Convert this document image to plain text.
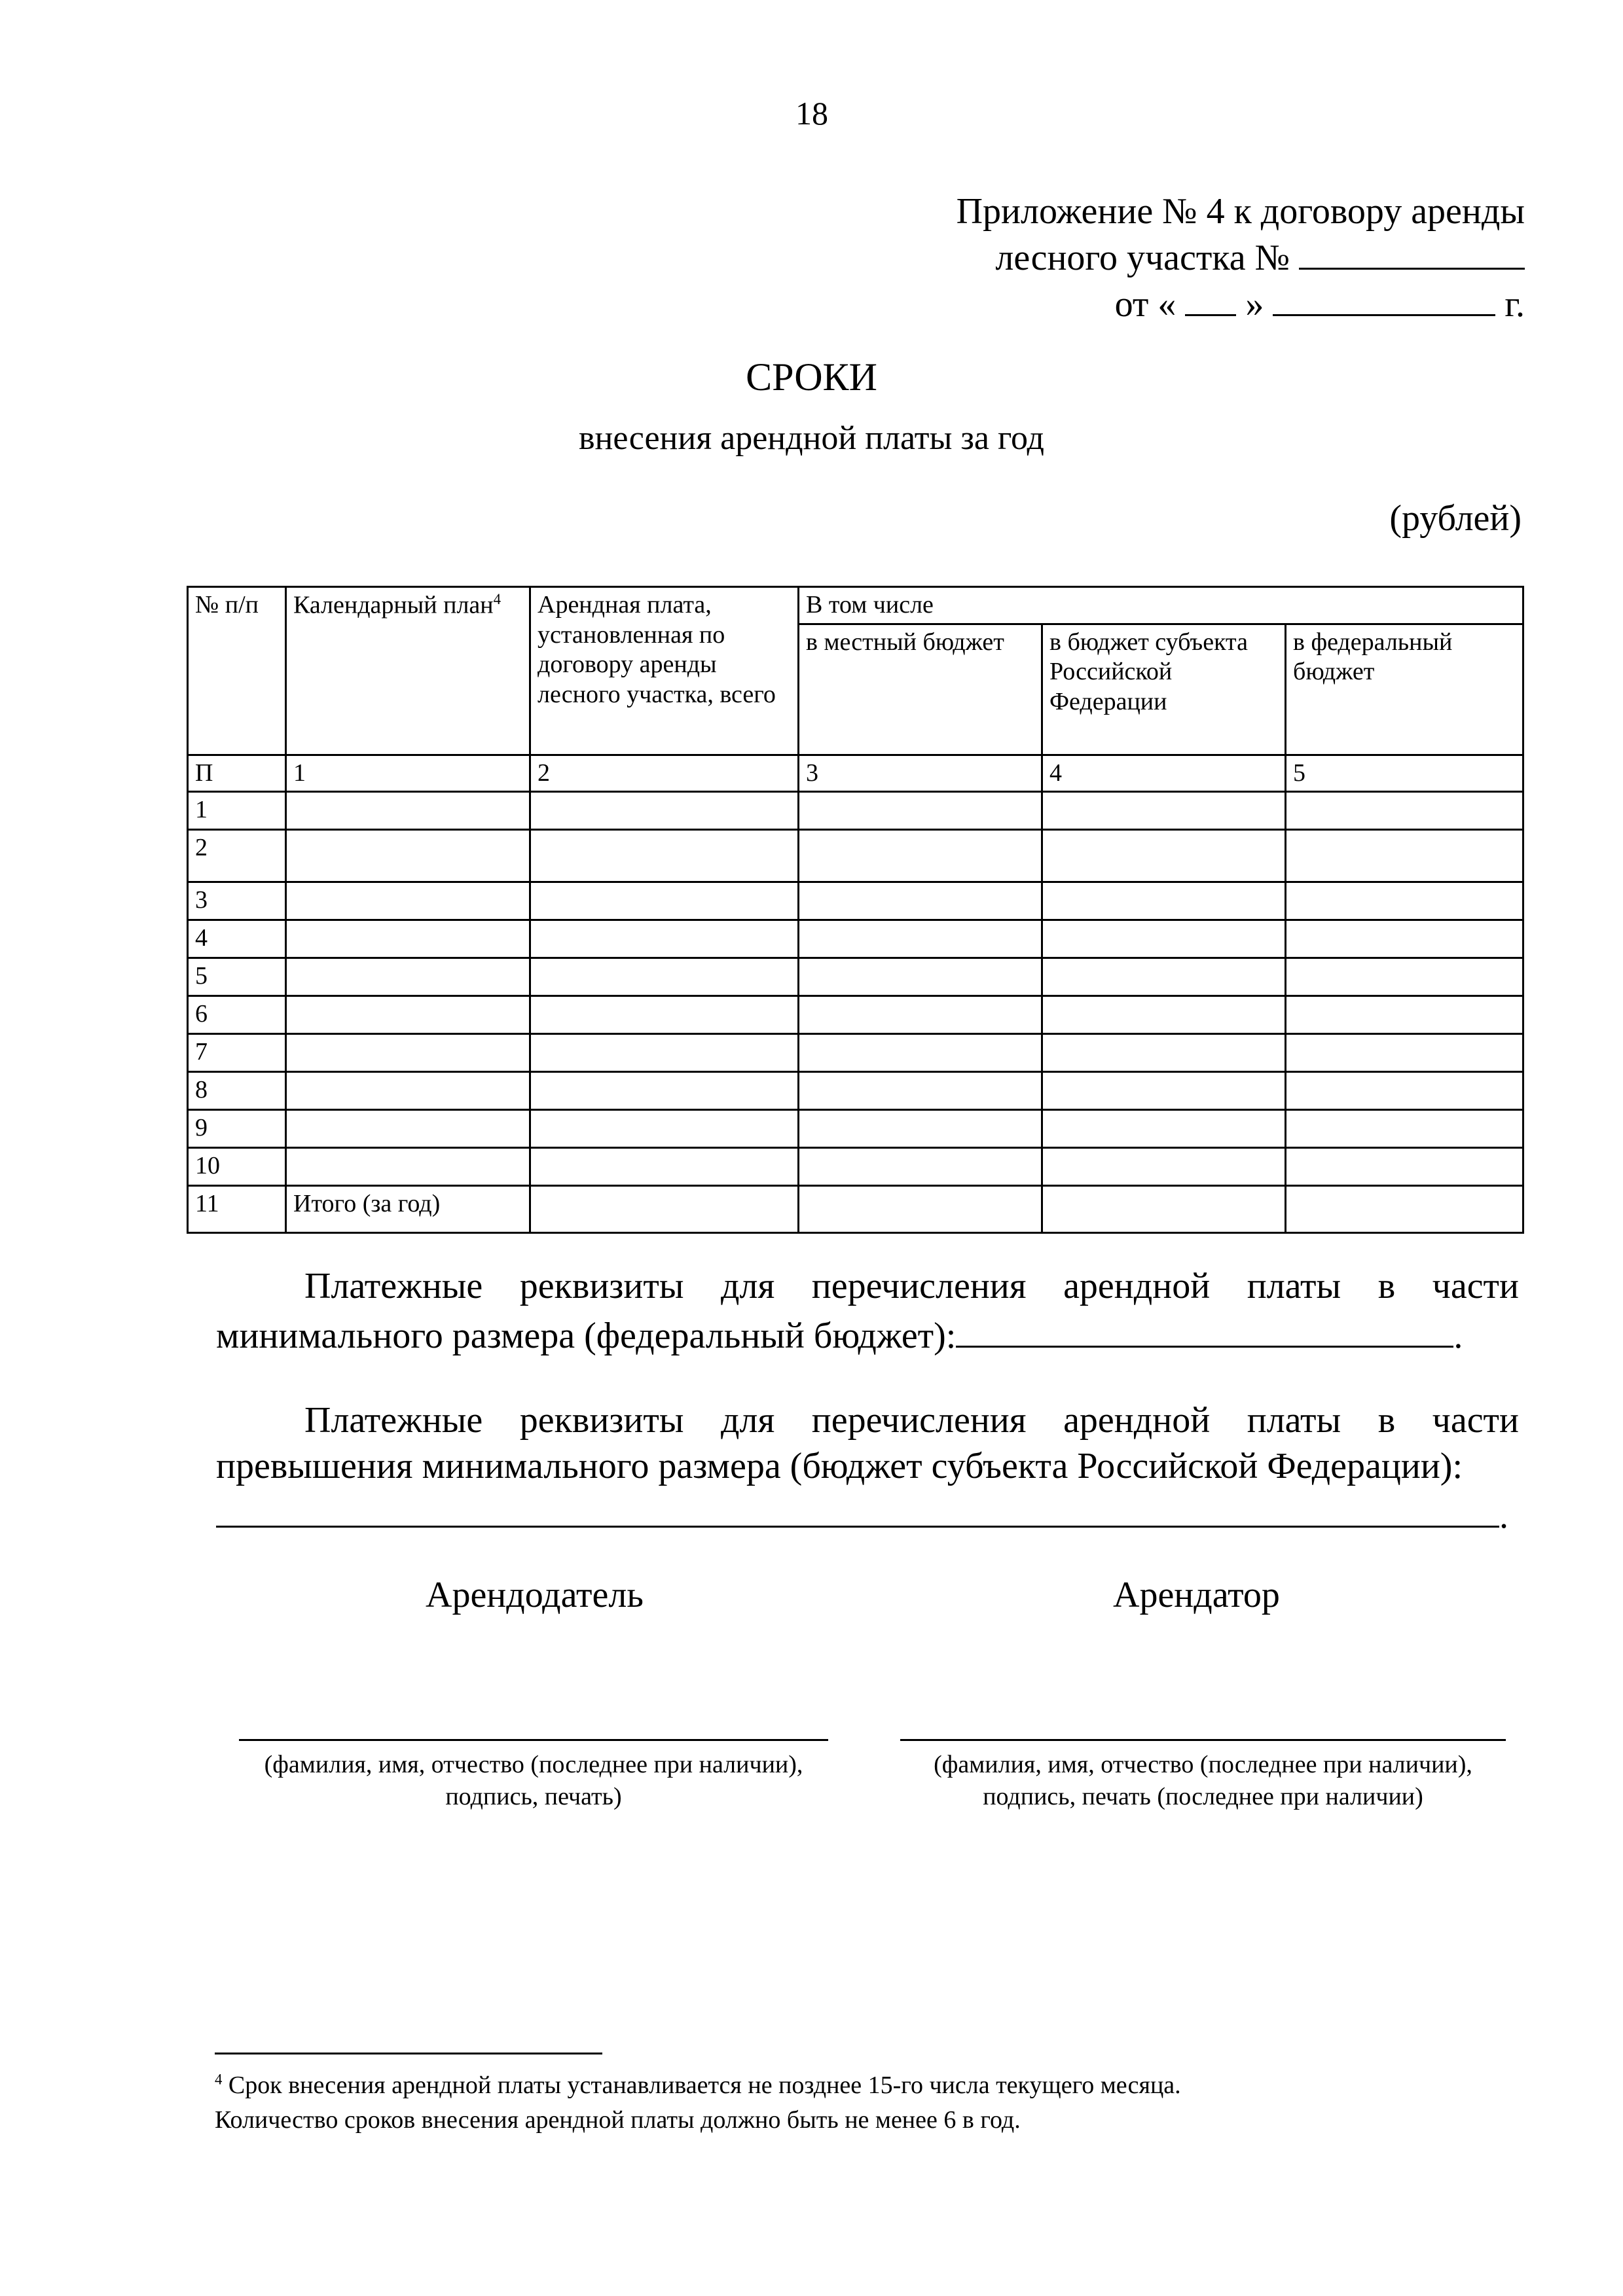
18
Приложение № 4 к договору аренды
лесного участка №
от « »	г.
СРОКИ
внесения арендной платы за год
(рублей)
№ п/п	Календарный план$^4$	Арендная плата, установленная по договору аренды лесного участка, всего	В том числе		
			в местный бюджет	в бюджет субъекта Российской Федерации	в федеральный бюджет
П	1	2	3	4	5
1					
2					
3					
4					
5					
6					
7					
8					
9					
10					
11	Итого (за год)				
Платежные реквизиты для перечисления арендной платы в части минимального размера (федеральный бюджет):	.
Платежные реквизиты для перечисления арендной платы в части превышения минимального размера (бюджет субъекта Российской Федерации):
.
Арендодатель	Арендатор
(фамилия, имя, отчество (последнее при наличии),
подпись, печать)
(фамилия, имя, отчество (последнее при наличии),
подпись, печать (последнее при наличии)
$^4$ Срок внесения арендной платы устанавливается не позднее 15-го числа текущего месяца.
Количество сроков внесения арендной платы должно быть не менее 6 в год.
